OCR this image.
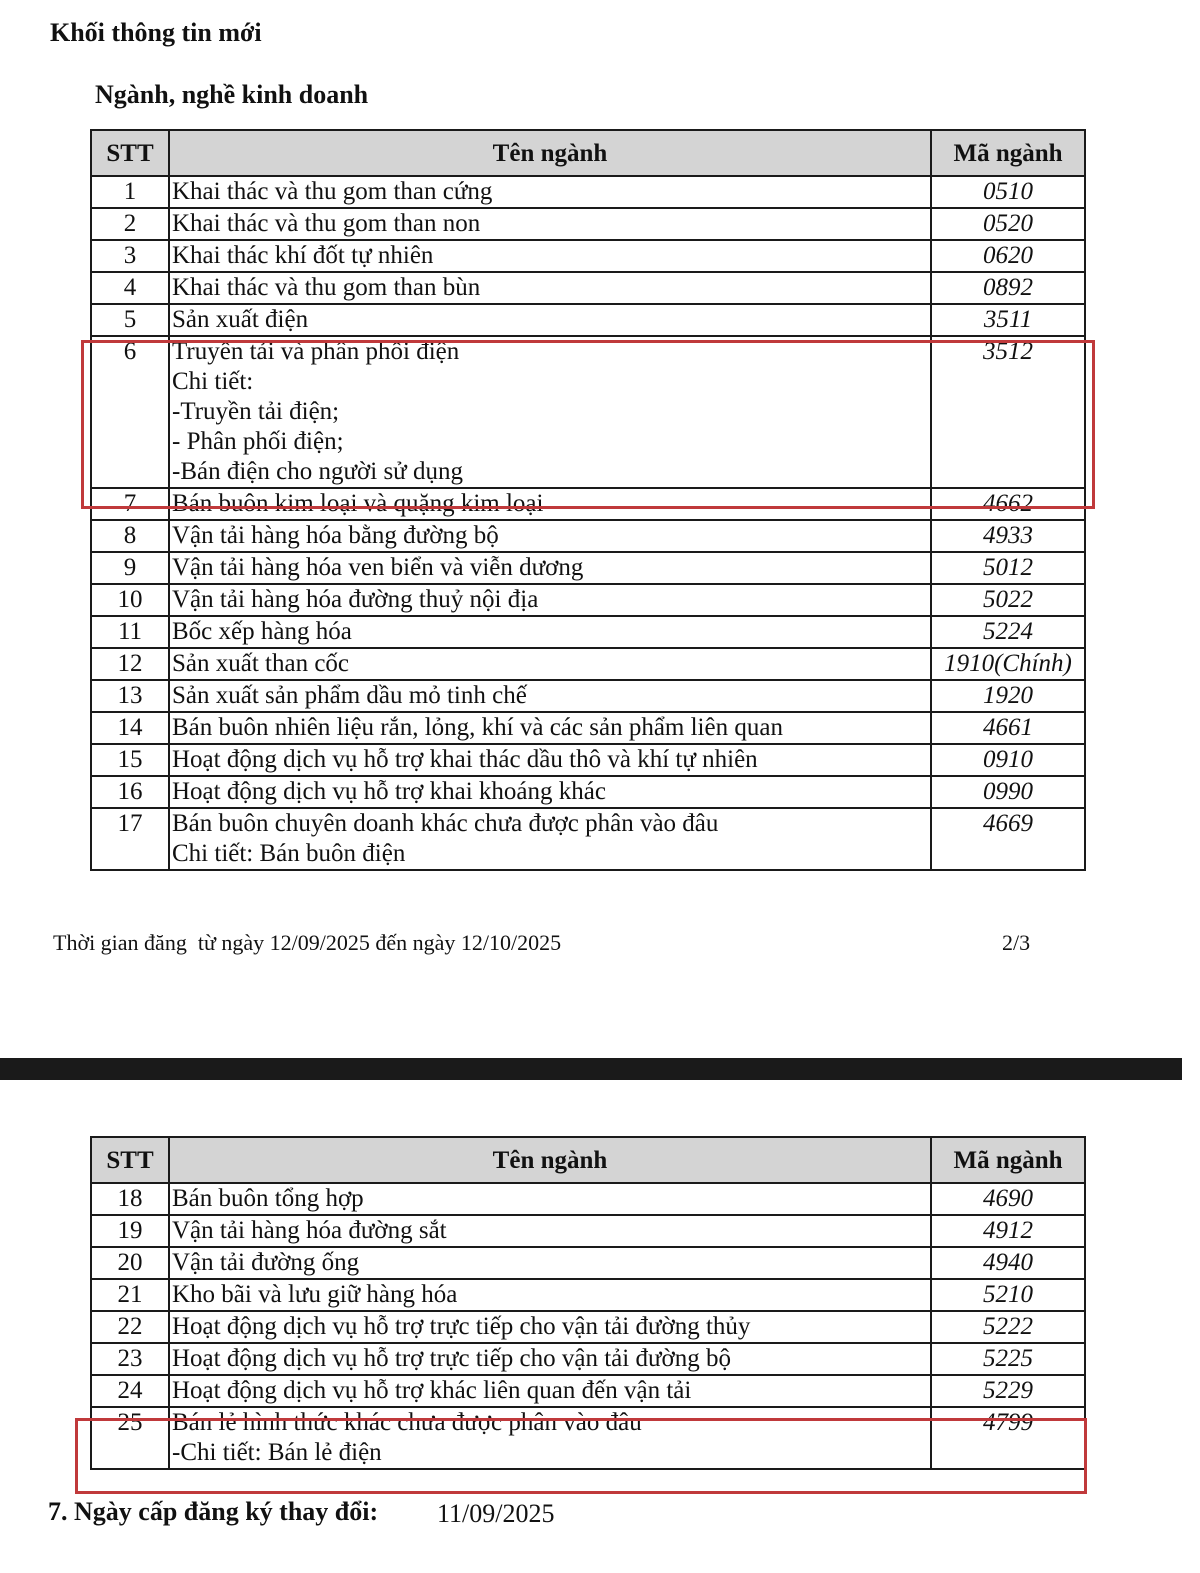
Khối thông tin mới
Ngành, nghề kinh doanh
STT	Tên ngành	Mã ngành
1	Khai thác và thu gom than cứng	0510
2	Khai thác và thu gom than non	0520
3	Khai thác khí đốt tự nhiên	0620
4	Khai thác và thu gom than bùn	0892
5	Sản xuất điện	3511
6	Truyền tải và phân phối điện
Chi tiết:
-Truyền tải điện;
- Phân phối điện;
-Bán điện cho người sử dụng	3512
7	Bán buôn kim loại và quặng kim loại	4662
8	Vận tải hàng hóa bằng đường bộ	4933
9	Vận tải hàng hóa ven biển và viễn dương	5012
10	Vận tải hàng hóa đường thuỷ nội địa	5022
11	Bốc xếp hàng hóa	5224
12	Sản xuất than cốc	1910(Chính)
13	Sản xuất sản phẩm dầu mỏ tinh chế	1920
14	Bán buôn nhiên liệu rắn, lỏng, khí và các sản phẩm liên quan	4661
15	Hoạt động dịch vụ hỗ trợ khai thác dầu thô và khí tự nhiên	0910
16	Hoạt động dịch vụ hỗ trợ khai khoáng khác	0990
17	Bán buôn chuyên doanh khác chưa được phân vào đâu
Chi tiết: Bán buôn điện	4669
Thời gian đăng  từ ngày 12/09/2025 đến ngày 12/10/2025	2/3
STT	Tên ngành	Mã ngành
18	Bán buôn tổng hợp	4690
19	Vận tải hàng hóa đường sắt	4912
20	Vận tải đường ống	4940
21	Kho bãi và lưu giữ hàng hóa	5210
22	Hoạt động dịch vụ hỗ trợ trực tiếp cho vận tải đường thủy	5222
23	Hoạt động dịch vụ hỗ trợ trực tiếp cho vận tải đường bộ	5225
24	Hoạt động dịch vụ hỗ trợ khác liên quan đến vận tải	5229
25	Bán lẻ hình thức khác chưa được phân vào đâu
-Chi tiết: Bán lẻ điện	4799
7. Ngày cấp đăng ký thay đổi: 11/09/2025
